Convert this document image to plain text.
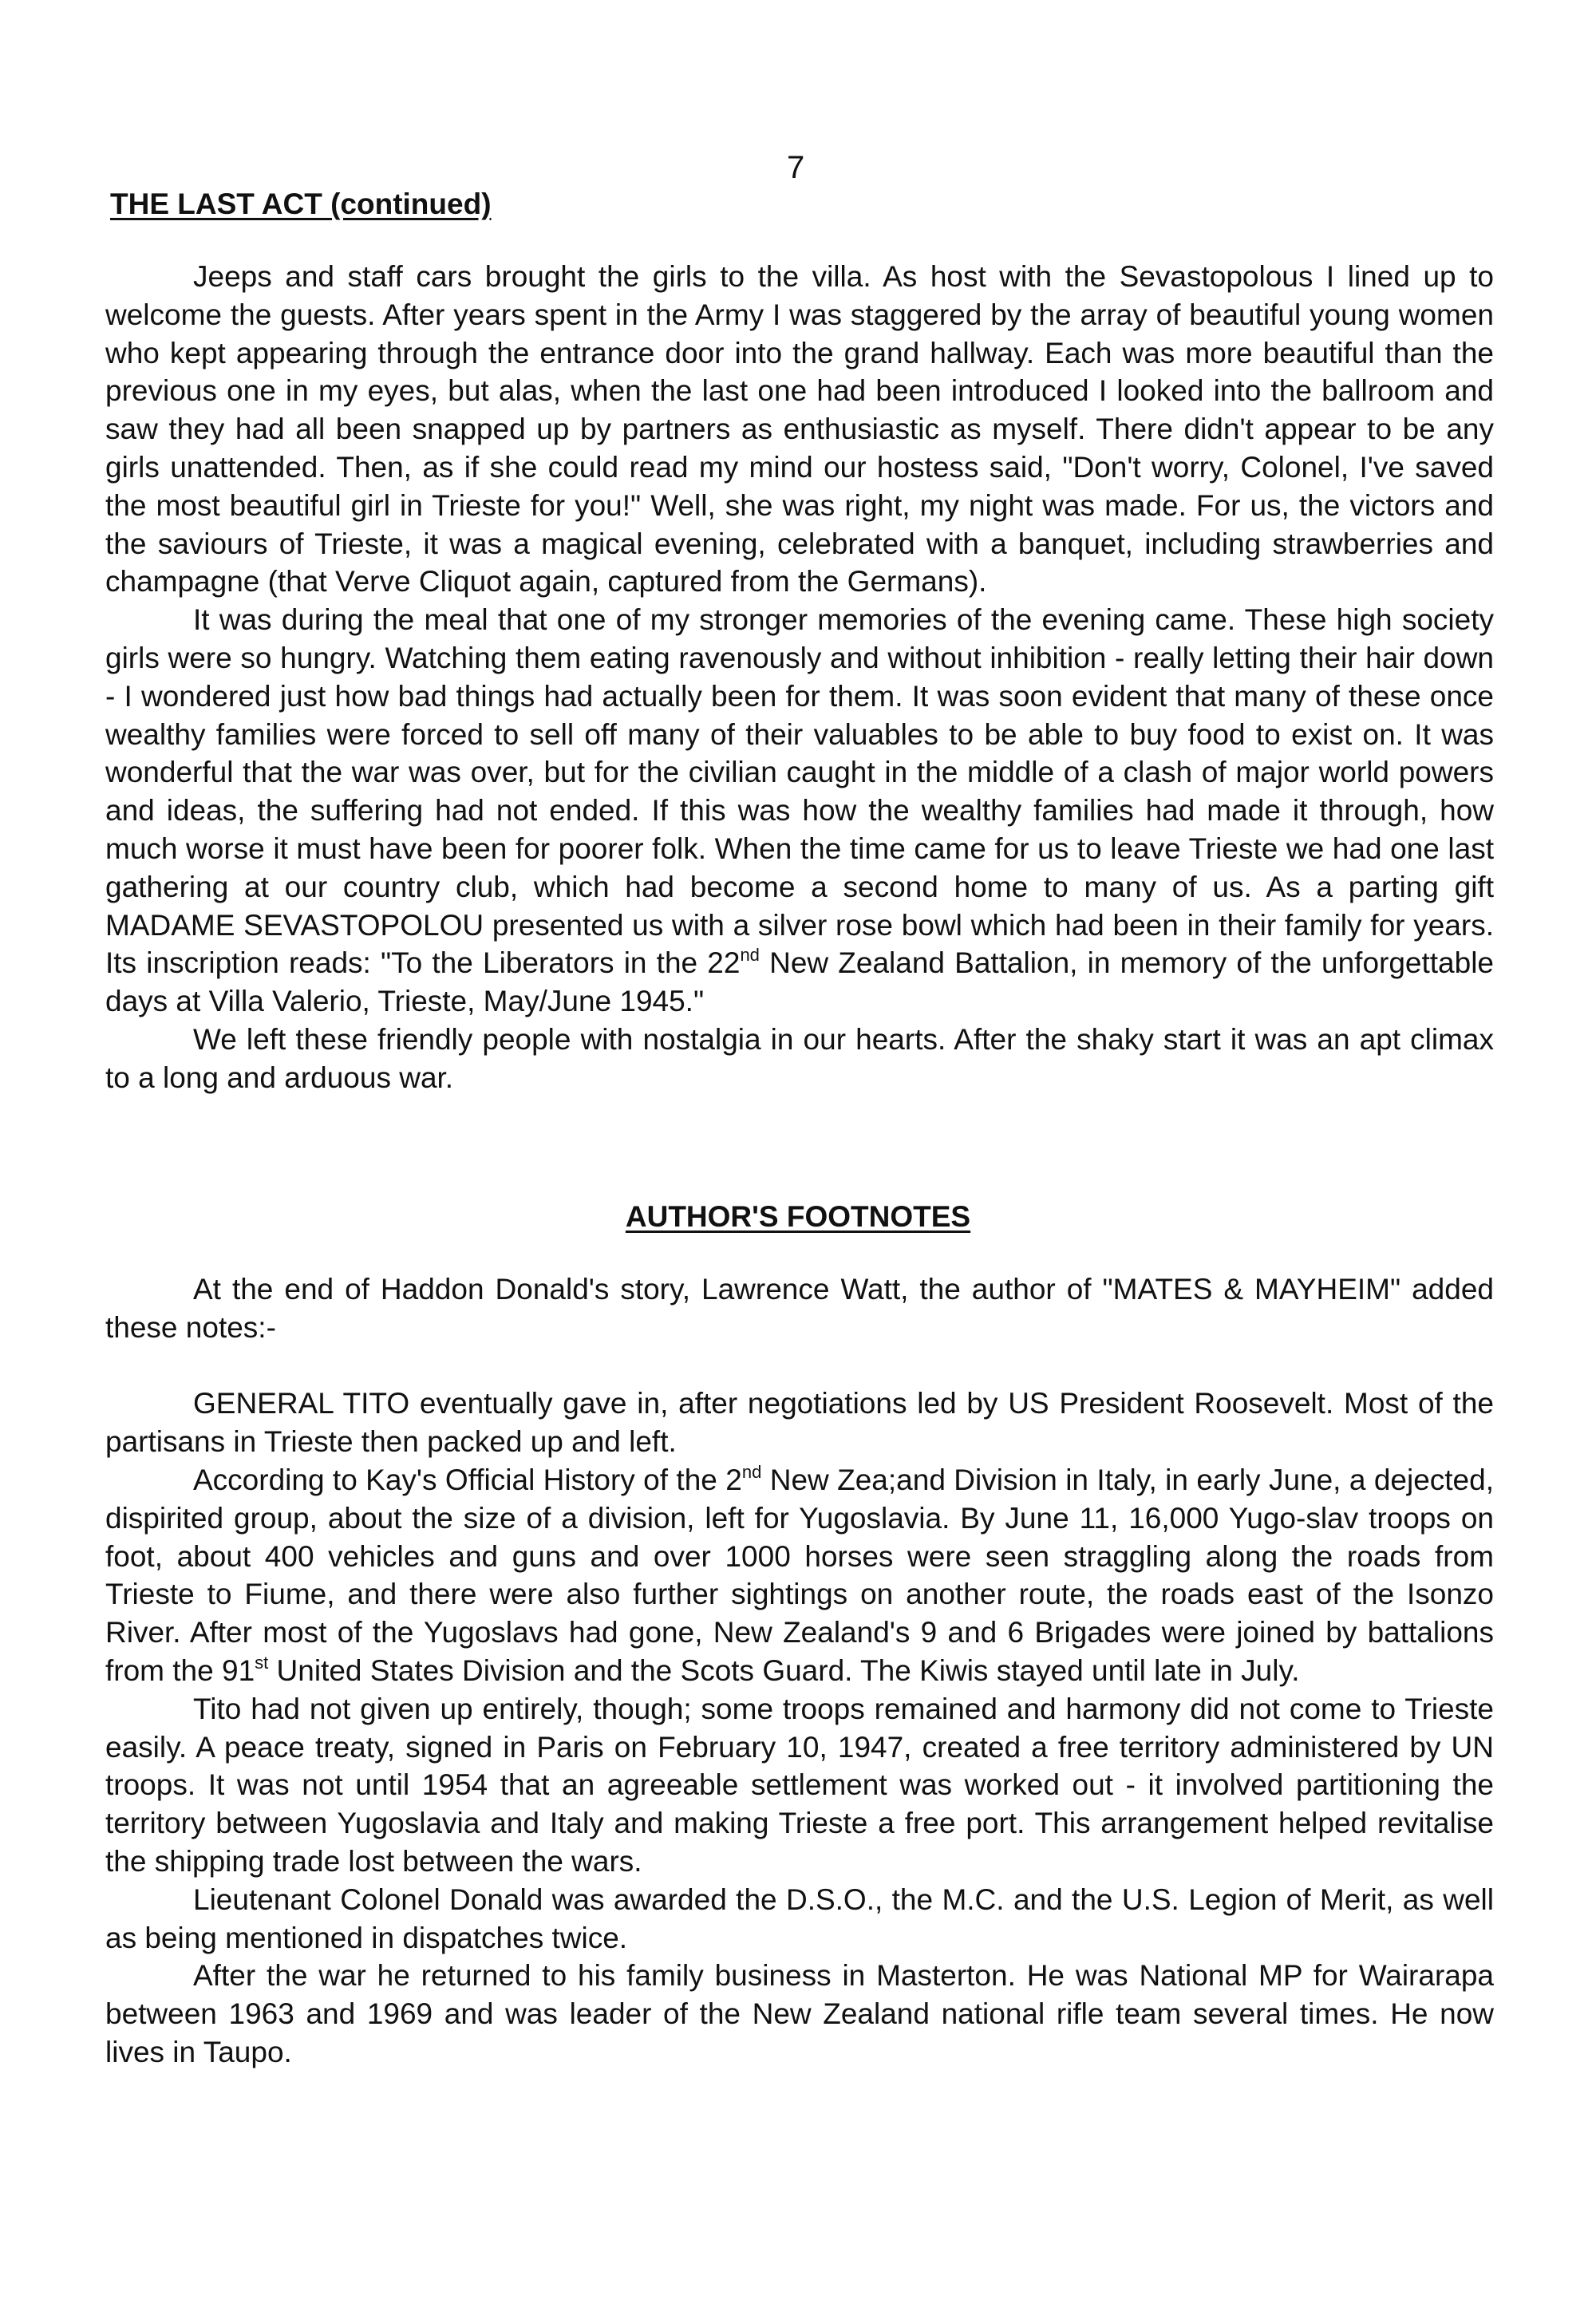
7
THE LAST ACT (continued)

Jeeps and staff cars brought the girls to the villa. As host with the Sevastopolous I lined up to welcome the guests. After years spent in the Army I was staggered by the array of beautiful young women who kept appearing through the entrance door into the grand hallway. Each was more beautiful than the previous one in my eyes, but alas, when the last one had been introduced I looked into the ballroom and saw they had all been snapped up by partners as enthusiastic as myself. There didn't appear to be any girls unattended. Then, as if she could read my mind our hostess said, "Don't worry, Colonel, I've saved the most beautiful girl in Trieste for you!" Well, she was right, my night was made. For us, the victors and the saviours of Trieste, it was a magical evening, celebrated with a banquet, including strawberries and champagne (that Verve Cliquot again, captured from the Germans).

It was during the meal that one of my stronger memories of the evening came. These high society girls were so hungry. Watching them eating ravenously and without inhibition - really letting their hair down - I wondered just how bad things had actually been for them. It was soon evident that many of these once wealthy families were forced to sell off many of their valuables to be able to buy food to exist on. It was wonderful that the war was over, but for the civilian caught in the middle of a clash of major world powers and ideas, the suffering had not ended. If this was how the wealthy families had made it through, how much worse it must have been for poorer folk. When the time came for us to leave Trieste we had one last gathering at our country club, which had become a second home to many of us. As a parting gift MADAME SEVASTOPOLOU presented us with a silver rose bowl which had been in their family for years. Its inscription reads: "To the Liberators in the 22nd New Zealand Battalion, in memory of the unforgettable days at Villa Valerio, Trieste, May/June 1945."

We left these friendly people with nostalgia in our hearts. After the shaky start it was an apt climax to a long and arduous war.

AUTHOR'S FOOTNOTES

At the end of Haddon Donald's story, Lawrence Watt, the author of "MATES & MAYHEIM" added these notes:-

GENERAL TITO eventually gave in, after negotiations led by US President Roosevelt. Most of the partisans in Trieste then packed up and left.

According to Kay's Official History of the 2nd New Zea;and Division in Italy, in early June, a dejected, dispirited group, about the size of a division, left for Yugoslavia. By June 11, 16,000 Yugo-slav troops on foot, about 400 vehicles and guns and over 1000 horses were seen straggling along the roads from Trieste to Fiume, and there were also further sightings on another route, the roads east of the Isonzo River. After most of the Yugoslavs had gone, New Zealand's 9 and 6 Brigades were joined by battalions from the 91st United States Division and the Scots Guard. The Kiwis stayed until late in July.

Tito had not given up entirely, though; some troops remained and harmony did not come to Trieste easily. A peace treaty, signed in Paris on February 10, 1947, created a free territory administered by UN troops. It was not until 1954 that an agreeable settlement was worked out - it involved partitioning the territory between Yugoslavia and Italy and making Trieste a free port. This arrangement helped revitalise the shipping trade lost between the wars.

Lieutenant Colonel Donald was awarded the D.S.O., the M.C. and the U.S. Legion of Merit, as well as being mentioned in dispatches twice.

After the war he returned to his family business in Masterton. He was National MP for Wairarapa between 1963 and 1969 and was leader of the New Zealand national rifle team several times. He now lives in Taupo.
